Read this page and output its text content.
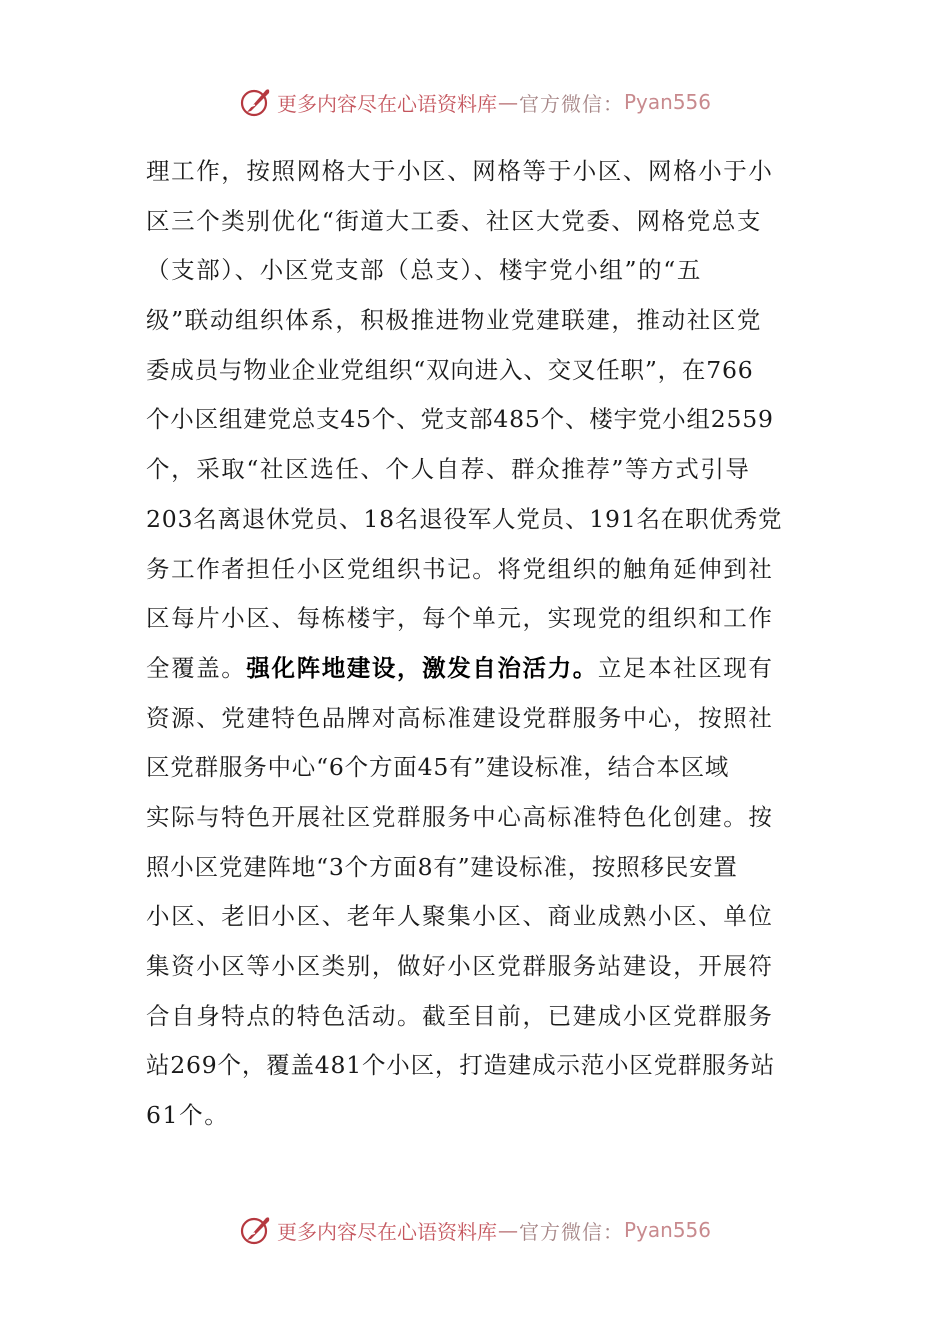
更多内容尽在心语资料库 — 官方微信： Pyan556
理工作，按照网格大于小区、网格等于小区、网格小于小
区三个类别优化“街道大工委、社区大党委、网格党总支
（支部）、小区党支部（总支）、楼宇党小组”的“五
级”联动组织体系，积极推进物业党建联建，推动社区党
委成员与物业企业党组织“双向进入、交叉任职”，在766
个小区组建党总支45个、党支部485个、楼宇党小组2559
个，采取“社区选任、个人自荐、群众推荐”等方式引导
203名离退休党员、18名退役军人党员、191名在职优秀党
务工作者担任小区党组织书记。将党组织的触角延伸到社
区每片小区、每栋楼宇，每个单元，实现党的组织和工作
全覆盖。强化阵地建设，激发自治活力。立足本社区现有
资源、党建特色品牌对高标准建设党群服务中心，按照社
区党群服务中心“6个方面45有”建设标准，结合本区域
实际与特色开展社区党群服务中心高标准特色化创建。按
照小区党建阵地“3个方面8有”建设标准，按照移民安置
小区、老旧小区、老年人聚集小区、商业成熟小区、单位
集资小区等小区类别，做好小区党群服务站建设，开展符
合自身特点的特色活动。截至目前，已建成小区党群服务
站269个，覆盖481个小区，打造建成示范小区党群服务站
61个。
更多内容尽在心语资料库 — 官方微信： Pyan556
